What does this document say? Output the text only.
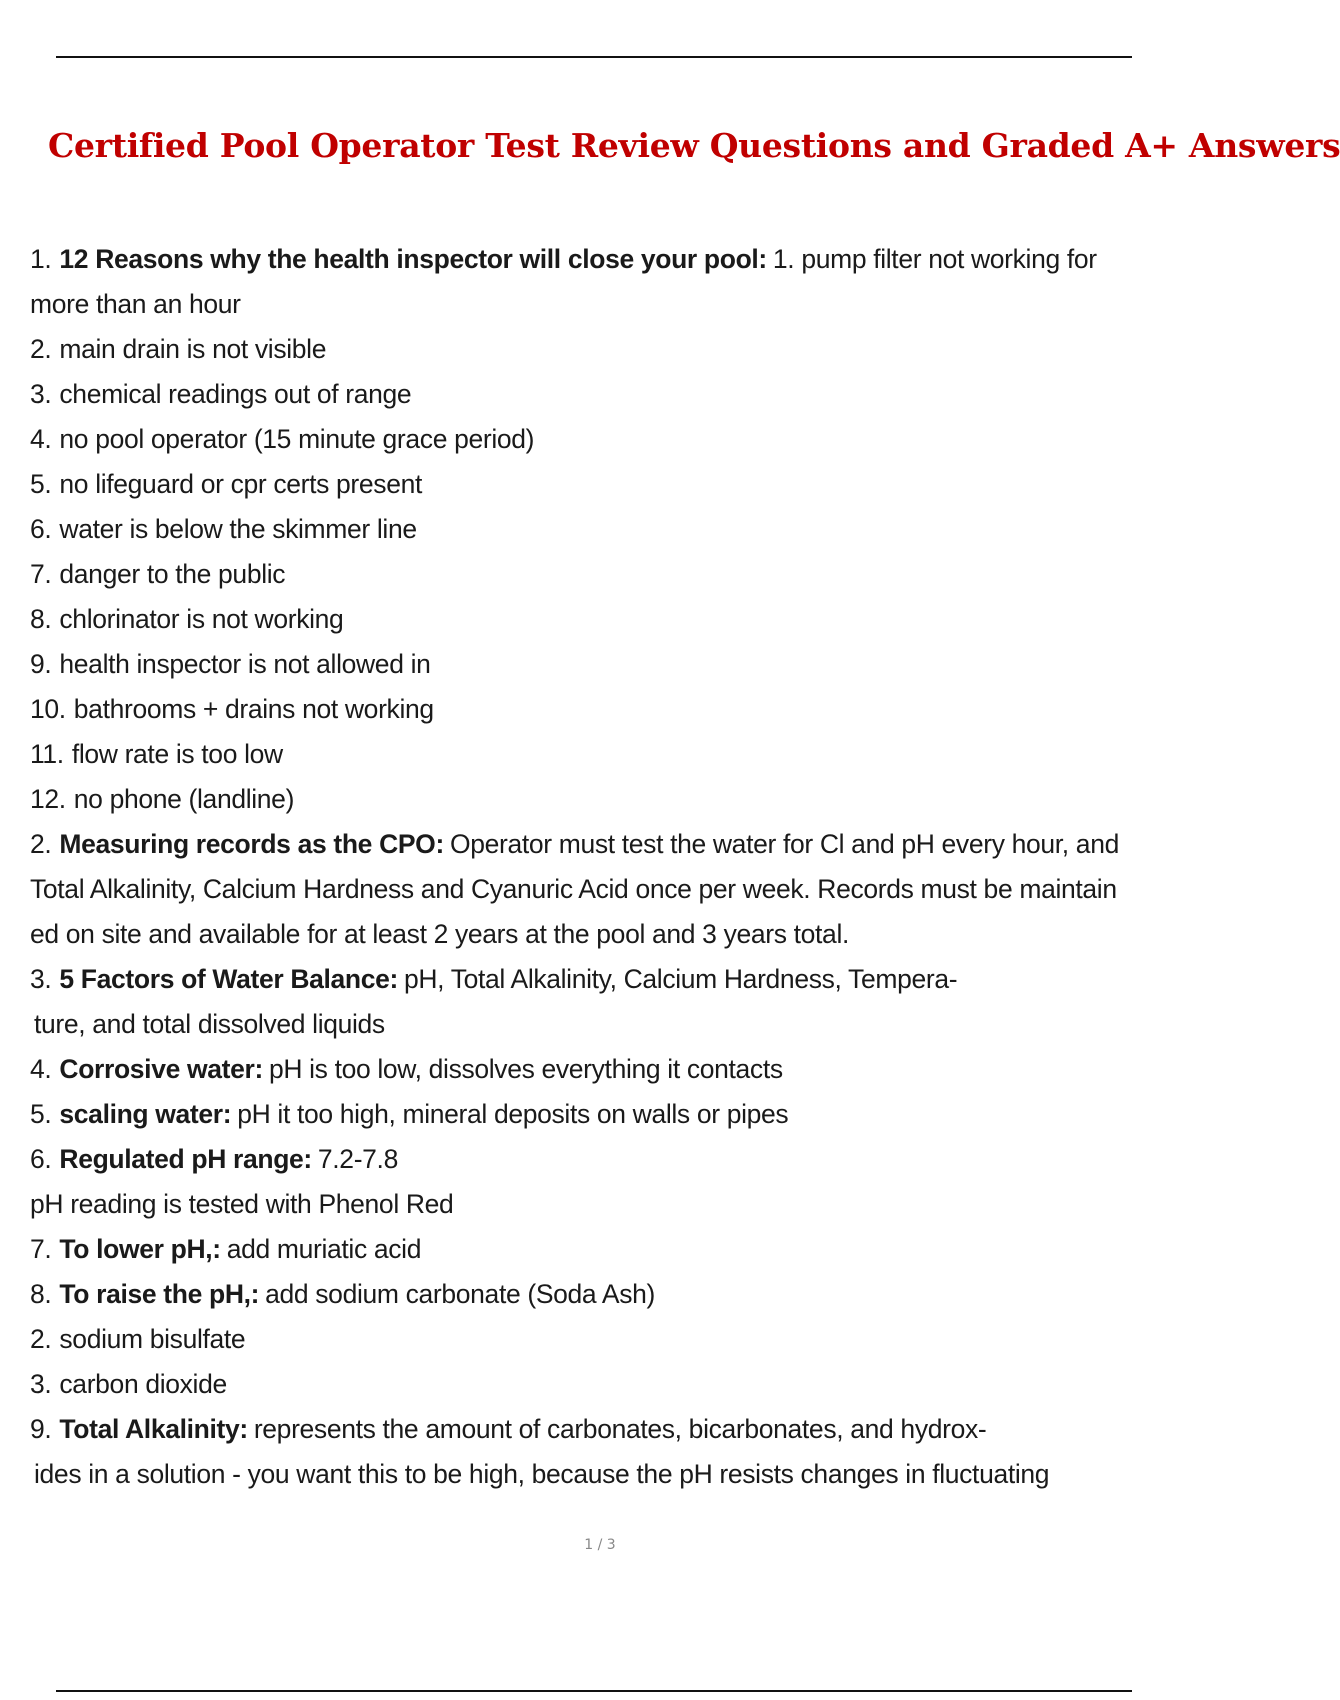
Certified Pool Operator Test Review Questions and Graded A+ Answers
1. 12 Reasons why the health inspector will close your pool: 1. pump filter not working for
more than an hour
2. main drain is not visible
3. chemical readings out of range
4. no pool operator (15 minute grace period)
5. no lifeguard or cpr certs present
6. water is below the skimmer line
7. danger to the public
8. chlorinator is not working
9. health inspector is not allowed in
10. bathrooms + drains not working
11. flow rate is too low
12. no phone (landline)
2. Measuring records as the CPO: Operator must test the water for Cl and pH every hour, and
Total Alkalinity, Calcium Hardness and Cyanuric Acid once per week. Records must be maintain
ed on site and available for at least 2 years at the pool and 3 years total.
3. 5 Factors of Water Balance: pH, Total Alkalinity, Calcium Hardness, Tempera-
ture, and total dissolved liquids
4. Corrosive water: pH is too low, dissolves everything it contacts
5. scaling water: pH it too high, mineral deposits on walls or pipes
6. Regulated pH range: 7.2-7.8
pH reading is tested with Phenol Red
7. To lower pH,: add muriatic acid
8. To raise the pH,: add sodium carbonate (Soda Ash)
2. sodium bisulfate
3. carbon dioxide
9. Total Alkalinity: represents the amount of carbonates, bicarbonates, and hydrox-
ides in a solution - you want this to be high, because the pH resists changes in fluctuating
1 / 3
